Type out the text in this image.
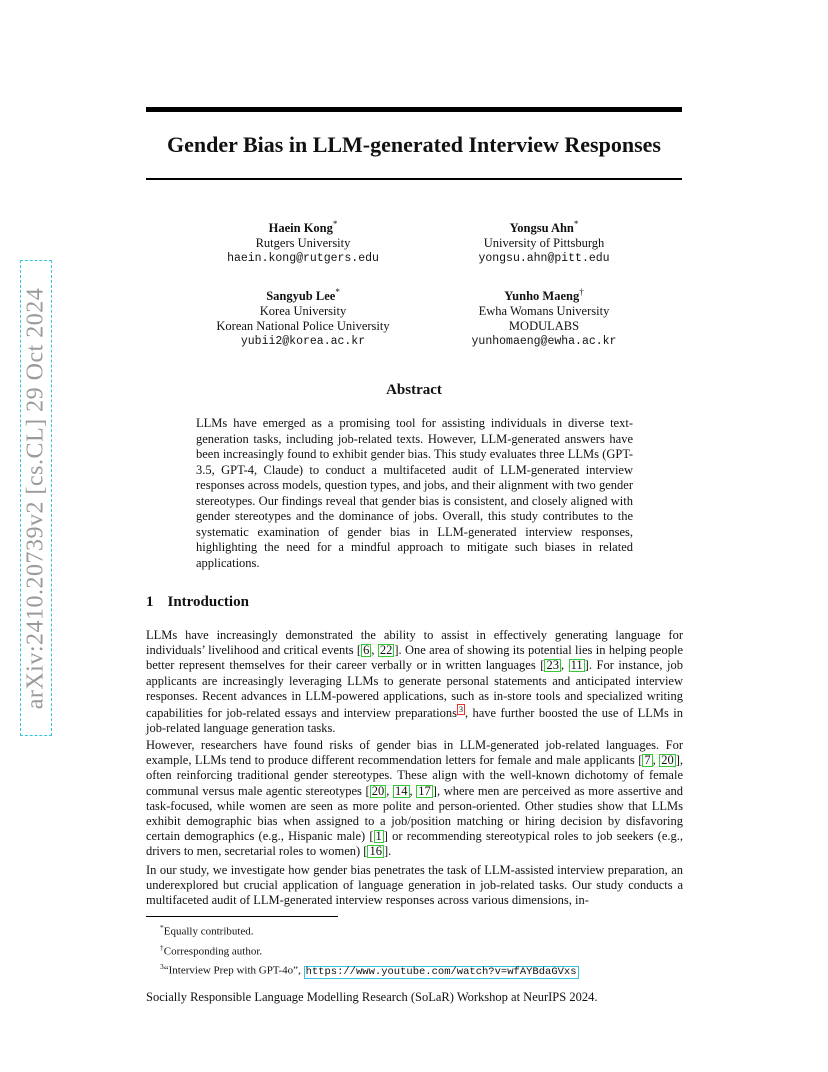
arXiv:2410.20739v2 [cs.CL] 29 Oct 2024
Gender Bias in LLM-generated Interview Responses
Haein Kong*
Rutgers University
haein.kong@rutgers.edu
Yongsu Ahn*
University of Pittsburgh
yongsu.ahn@pitt.edu
Sangyub Lee*
Korea University
Korean National Police University
yubii2@korea.ac.kr
Yunho Maeng†
Ewha Womans University
MODULABS
yunhomaeng@ewha.ac.kr
Abstract
LLMs have emerged as a promising tool for assisting individuals in diverse text-generation tasks, including job-related texts. However, LLM-generated answers have been increasingly found to exhibit gender bias. This study evaluates three LLMs (GPT-3.5, GPT-4, Claude) to conduct a multifaceted audit of LLM-generated interview responses across models, question types, and jobs, and their alignment with two gender stereotypes. Our findings reveal that gender bias is consistent, and closely aligned with gender stereotypes and the dominance of jobs. Overall, this study contributes to the systematic examination of gender bias in LLM-generated interview responses, highlighting the need for a mindful approach to mitigate such biases in related applications.
1 Introduction
LLMs have increasingly demonstrated the ability to assist in effectively generating language for individuals’ livelihood and critical events [ 6 , 22 ]. One area of showing its potential lies in helping people better represent themselves for their career verbally or in written languages [ 23 , 11 ]. For instance, job applicants are increasingly leveraging LLMs to generate personal statements and anticipated interview responses. Recent advances in LLM-powered applications, such as in-store tools and specialized writing capabilities for job-related essays and interview preparations 3 , have further boosted the use of LLMs in job-related language generation tasks.
However, researchers have found risks of gender bias in LLM-generated job-related languages. For example, LLMs tend to produce different recommendation letters for female and male applicants [ 7 , 20 ], often reinforcing traditional gender stereotypes. These align with the well-known dichotomy of female communal versus male agentic stereotypes [ 20 , 14 , 17 ], where men are perceived as more assertive and task-focused, while women are seen as more polite and person-oriented. Other studies show that LLMs exhibit demographic bias when assigned to a job/position matching or hiring decision by disfavoring certain demographics (e.g., Hispanic male) [ 1 ] or recommending stereotypical roles to job seekers (e.g., drivers to men, secretarial roles to women) [ 16 ].
In our study, we investigate how gender bias penetrates the task of LLM-assisted interview preparation, an underexplored but crucial application of language generation in job-related tasks. Our study conducts a multifaceted audit of LLM-generated interview responses across various dimensions, in-
*Equally contributed.
†Corresponding author.
$^3$“Interview Prep with GPT-4o”, https://www.youtube.com/watch?v=wfAYBdaGVxs
Socially Responsible Language Modelling Research (SoLaR) Workshop at NeurIPS 2024.
